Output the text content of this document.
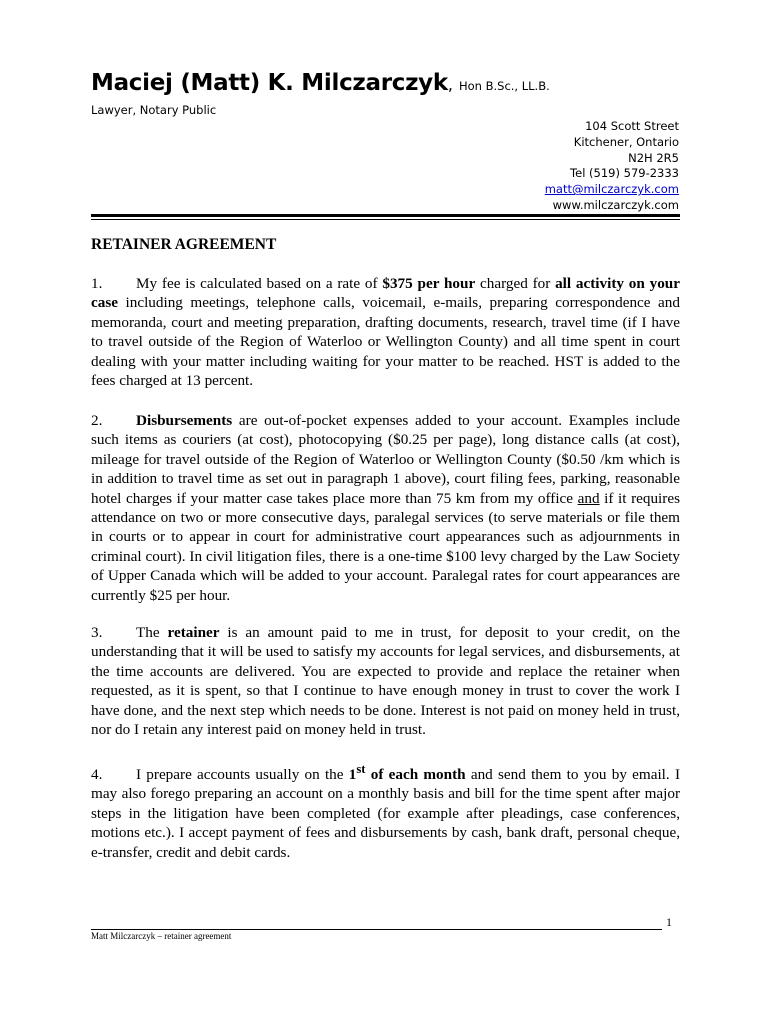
Maciej (Matt) K. Milczarczyk, Hon B.Sc., LL.B.
Lawyer, Notary Public
104 Scott Street
Kitchener, Ontario
N2H 2R5
Tel (519) 579-2333
matt@milczarczyk.com
www.milczarczyk.com
RETAINER AGREEMENT
1. My fee is calculated based on a rate of $375 per hour charged for all activity on your case including meetings, telephone calls, voicemail, e-mails, preparing correspondence and memoranda, court and meeting preparation, drafting documents, research, travel time (if I have to travel outside of the Region of Waterloo or Wellington County) and all time spent in court dealing with your matter including waiting for your matter to be reached. HST is added to the fees charged at 13 percent.
2. Disbursements are out-of-pocket expenses added to your account. Examples include such items as couriers (at cost), photocopying ($0.25 per page), long distance calls (at cost), mileage for travel outside of the Region of Waterloo or Wellington County ($0.50 /km which is in addition to travel time as set out in paragraph 1 above), court filing fees, parking, reasonable hotel charges if your matter case takes place more than 75 km from my office and if it requires attendance on two or more consecutive days, paralegal services (to serve materials or file them in courts or to appear in court for administrative court appearances such as adjournments in criminal court). In civil litigation files, there is a one-time $100 levy charged by the Law Society of Upper Canada which will be added to your account. Paralegal rates for court appearances are currently $25 per hour.
3. The retainer is an amount paid to me in trust, for deposit to your credit, on the understanding that it will be used to satisfy my accounts for legal services, and disbursements, at the time accounts are delivered. You are expected to provide and replace the retainer when requested, as it is spent, so that I continue to have enough money in trust to cover the work I have done, and the next step which needs to be done. Interest is not paid on money held in trust, nor do I retain any interest paid on money held in trust.
4. I prepare accounts usually on the 1st of each month and send them to you by email. I may also forego preparing an account on a monthly basis and bill for the time spent after major steps in the litigation have been completed (for example after pleadings, case conferences, motions etc.). I accept payment of fees and disbursements by cash, bank draft, personal cheque, e-transfer, credit and debit cards.
1
Matt Milczarczyk – retainer agreement
